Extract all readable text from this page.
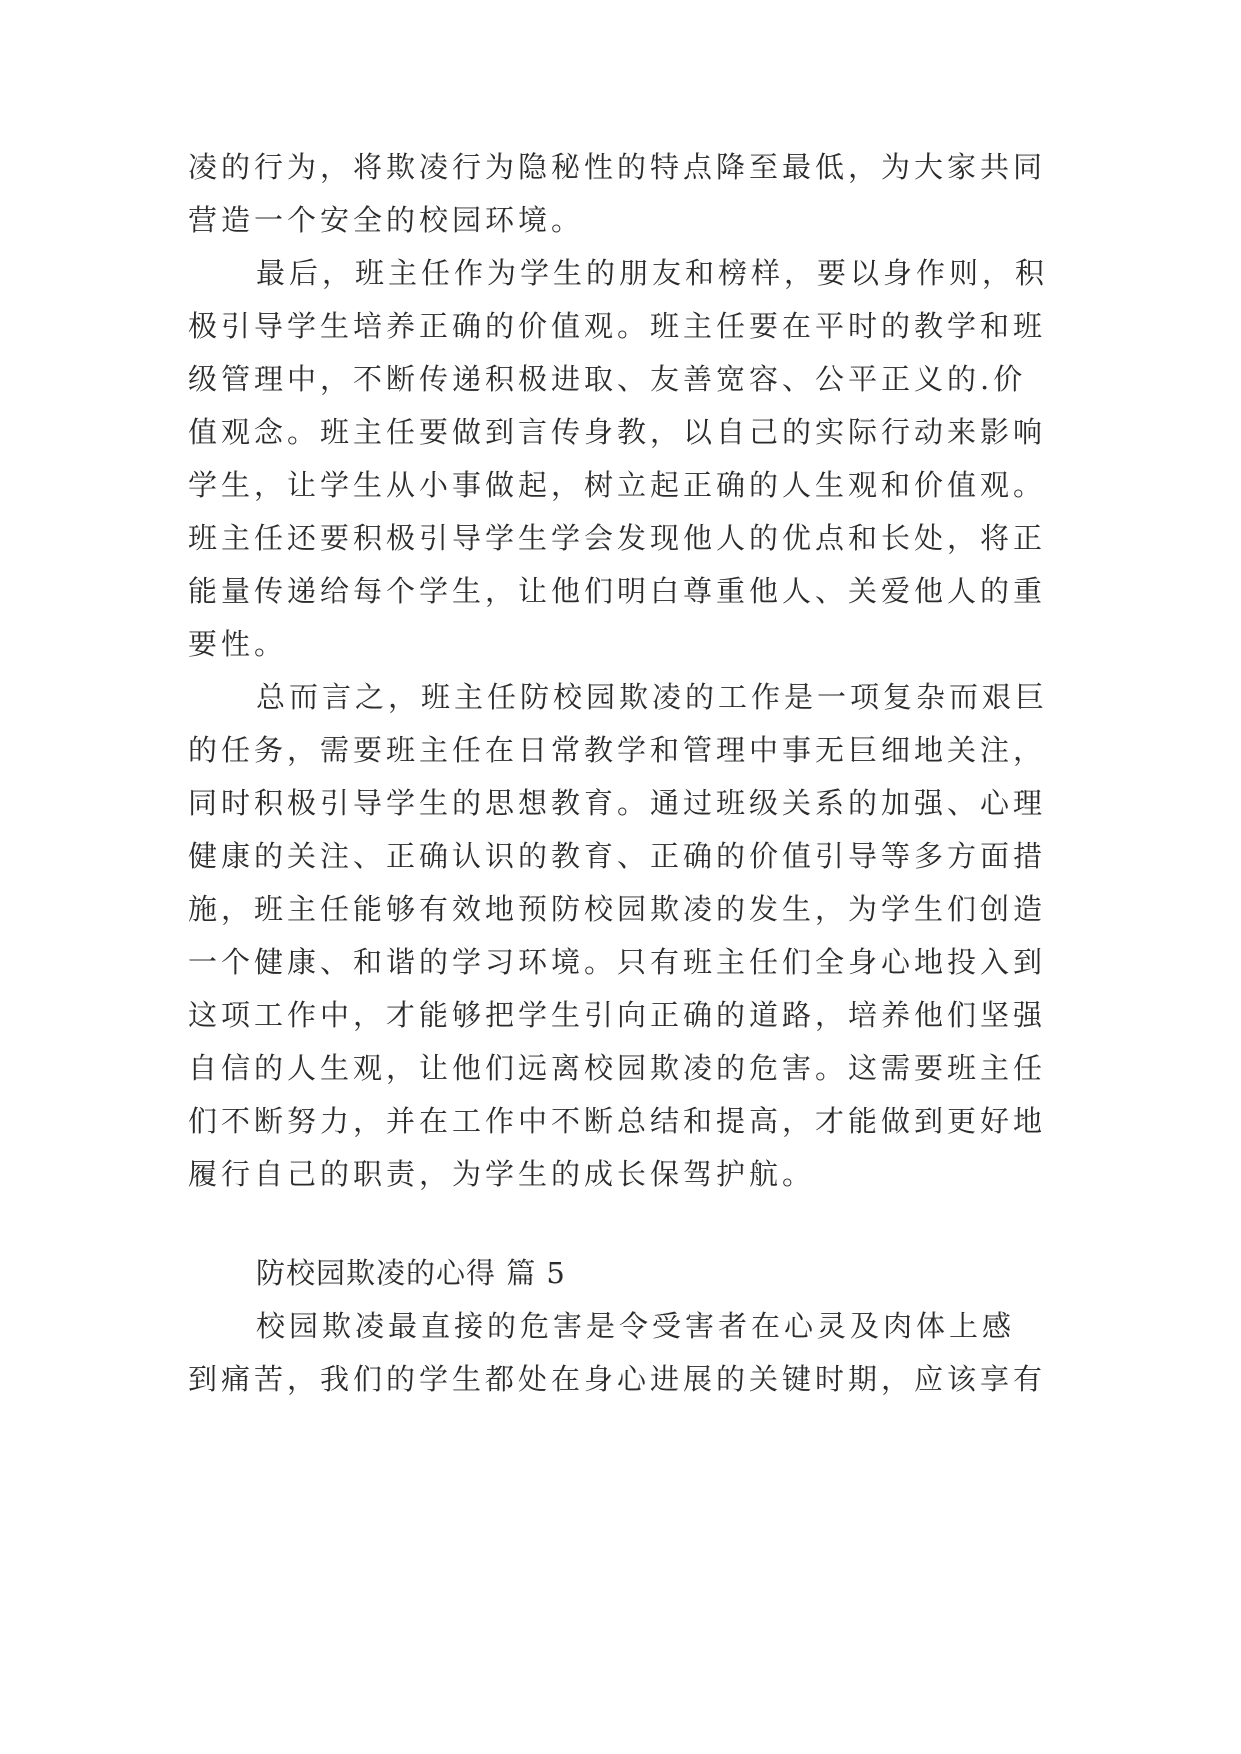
凌的行为，将欺凌行为隐秘性的特点降至最低，为大家共同
营造一个安全的校园环境。
最后，班主任作为学生的朋友和榜样，要以身作则，积
极引导学生培养正确的价值观。班主任要在平时的教学和班
级管理中，不断传递积极进取、友善宽容、公平正义的.价
值观念。班主任要做到言传身教，以自己的实际行动来影响
学生，让学生从小事做起，树立起正确的人生观和价值观。
班主任还要积极引导学生学会发现他人的优点和长处，将正
能量传递给每个学生，让他们明白尊重他人、关爱他人的重
要性。
总而言之，班主任防校园欺凌的工作是一项复杂而艰巨
的任务，需要班主任在日常教学和管理中事无巨细地关注，
同时积极引导学生的思想教育。通过班级关系的加强、心理
健康的关注、正确认识的教育、正确的价值引导等多方面措
施，班主任能够有效地预防校园欺凌的发生，为学生们创造
一个健康、和谐的学习环境。只有班主任们全身心地投入到
这项工作中，才能够把学生引向正确的道路，培养他们坚强
自信的人生观，让他们远离校园欺凌的危害。这需要班主任
们不断努力，并在工作中不断总结和提高，才能做到更好地
履行自己的职责，为学生的成长保驾护航。
防校园欺凌的心得 篇 5
校园欺凌最直接的危害是令受害者在心灵及肉体上感
到痛苦，我们的学生都处在身心进展的关键时期，应该享有
